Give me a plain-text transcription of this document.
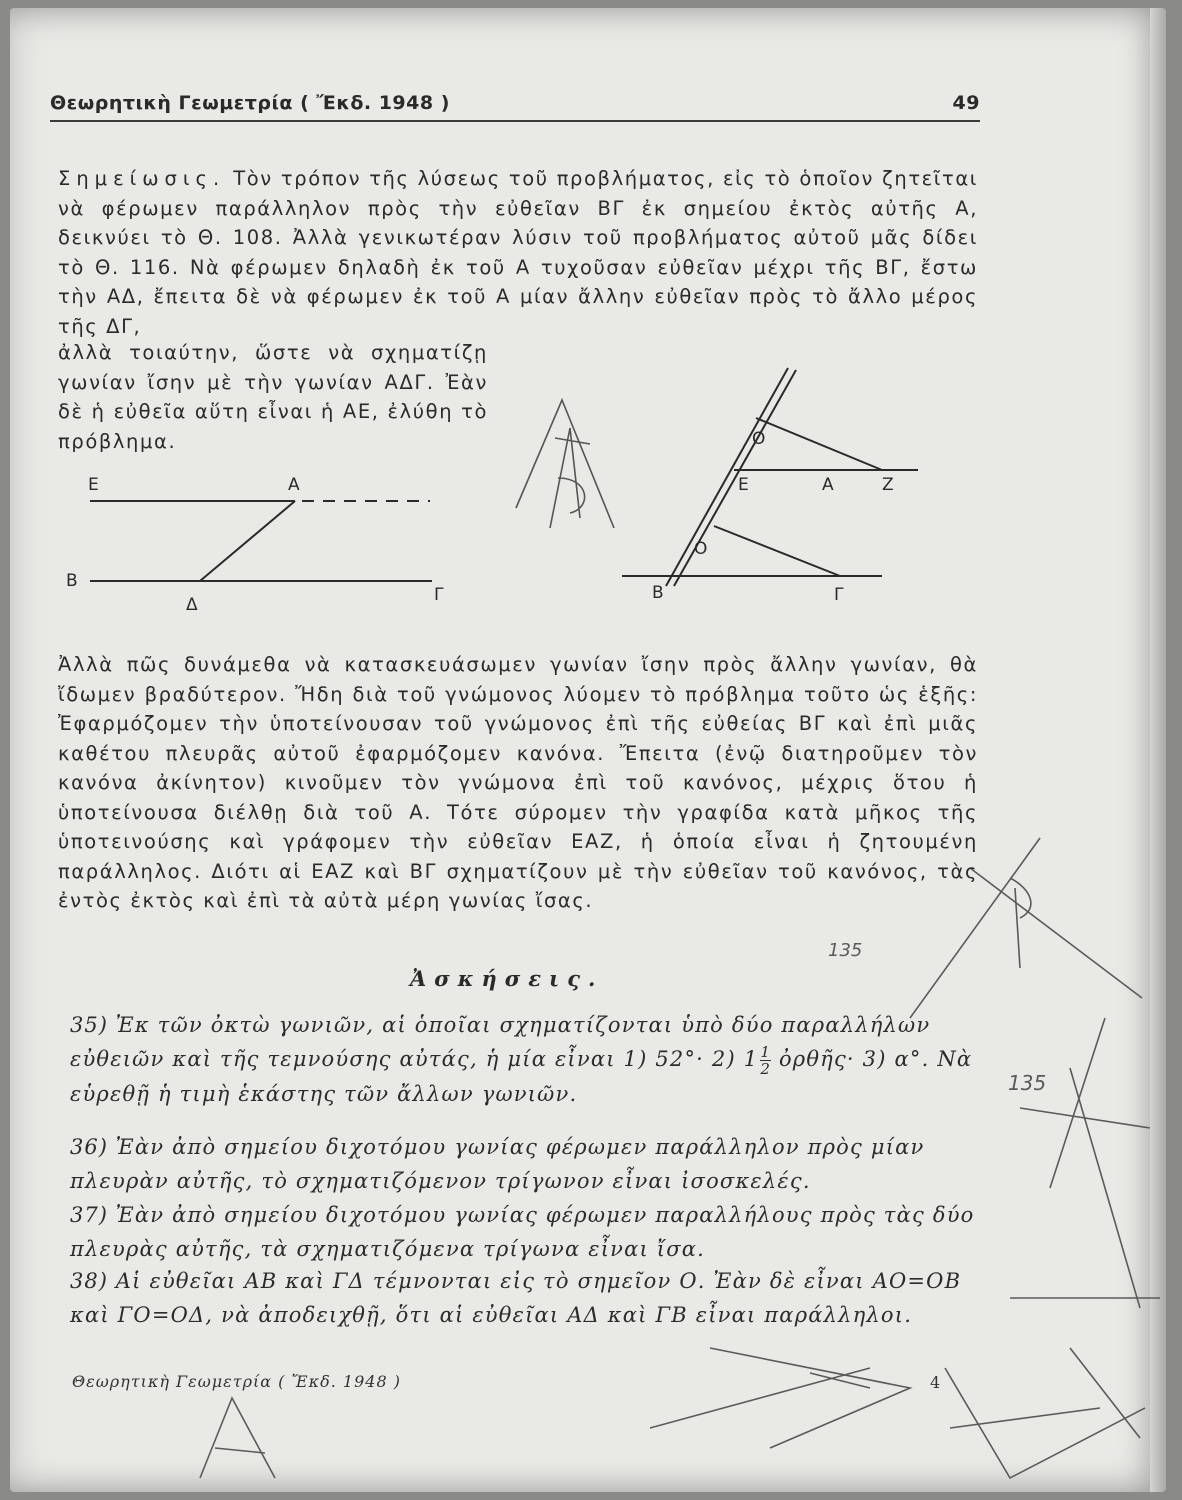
Θεωρητικὴ Γεωμετρία ( Ἔκδ. 1948 )	49
Σημείωσις. Τὸν τρόπον τῆς λύσεως τοῦ προβλήματος, εἰς τὸ ὁποῖον ζητεῖται νὰ φέρωμεν παράλληλον πρὸς τὴν εὐθεῖαν ΒΓ ἐκ σημείου ἐκτὸς αὐτῆς Α, δεικνύει τὸ Θ. 108. Ἀλλὰ γενικωτέραν λύσιν τοῦ προβλήματος αὐτοῦ μᾶς δίδει τὸ Θ. 116. Νὰ φέρωμεν δηλαδὴ ἐκ τοῦ Α τυχοῦσαν εὐθεῖαν μέχρι τῆς ΒΓ, ἔστω τὴν ΑΔ, ἔπειτα δὲ νὰ φέρωμεν ἐκ τοῦ Α μίαν ἄλλην εὐθεῖαν πρὸς τὸ ἄλλο μέρος τῆς ΔΓ,
ἀλλὰ τοιαύτην, ὥστε νὰ σχηματίζῃ γωνίαν ἴσην μὲ τὴν γωνίαν ΑΔΓ. Ἐὰν δὲ ἡ εὐθεῖα αὕτη εἶναι ἡ ΑΕ, ἐλύθη τὸ πρόβλημα.
Ε	Α
Β
Γ
Δ
Ο
Ε	Α	Ζ
Ο
Β	Γ
135
135
4
Ἀλλὰ πῶς δυνάμεθα νὰ κατασκευάσωμεν γωνίαν ἴσην πρὸς ἄλλην γωνίαν, θὰ ἴδωμεν βραδύτερον. Ἤδη διὰ τοῦ γνώμονος λύομεν τὸ πρόβλημα τοῦτο ὡς ἑξῆς: Ἐφαρμόζομεν τὴν ὑποτείνουσαν τοῦ γνώμονος ἐπὶ τῆς εὐθείας ΒΓ καὶ ἐπὶ μιᾶς καθέτου πλευρᾶς αὐτοῦ ἐφαρμόζομεν κανόνα. Ἔπειτα (ἐνῷ διατηροῦμεν τὸν κανόνα ἀκίνητον) κινοῦμεν τὸν γνώμονα ἐπὶ τοῦ κανόνος, μέχρις ὅτου ἡ ὑποτείνουσα διέλθῃ διὰ τοῦ Α. Τότε σύρομεν τὴν γραφίδα κατὰ μῆκος τῆς ὑποτεινούσης καὶ γράφομεν τὴν εὐθεῖαν ΕΑΖ, ἡ ὁποία εἶναι ἡ ζητουμένη παράλληλος. Διότι αἱ ΕΑΖ καὶ ΒΓ σχηματίζουν μὲ τὴν εὐθεῖαν τοῦ κανόνος, τὰς ἐντὸς ἐκτὸς καὶ ἐπὶ τὰ αὐτὰ μέρη γωνίας ἴσας.
Ἀσκήσεις.
35) Ἐκ τῶν ὀκτὼ γωνιῶν, αἱ ὁποῖαι σχηματίζονται ὑπὸ δύο παραλλήλων εὐθειῶν καὶ τῆς τεμνούσης αὐτάς, ἡ μία εἶναι 1) 52°· 2) $1 \frac{1}{2}$ ὀρθῆς· 3) α°. Νὰ εὑρεθῇ ἡ τιμὴ ἑκάστης τῶν ἄλλων γωνιῶν.
36) Ἐὰν ἀπὸ σημείου διχοτόμου γωνίας φέρωμεν παράλληλον πρὸς μίαν πλευρὰν αὐτῆς, τὸ σχηματιζόμενον τρίγωνον εἶναι ἰσοσκελές.
37) Ἐὰν ἀπὸ σημείου διχοτόμου γωνίας φέρωμεν παραλλήλους πρὸς τὰς δύο πλευρὰς αὐτῆς, τὰ σχηματιζόμενα τρίγωνα εἶναι ἴσα.
38) Αἱ εὐθεῖαι ΑΒ καὶ ΓΔ τέμνονται εἰς τὸ σημεῖον Ο. Ἐὰν δὲ εἶναι ΑΟ=ΟΒ καὶ ΓΟ=ΟΔ, νὰ ἀποδειχθῇ, ὅτι αἱ εὐθεῖαι ΑΔ καὶ ΓΒ εἶναι παράλληλοι.
Θεωρητικὴ Γεωμετρία ( Ἔκδ. 1948 )
